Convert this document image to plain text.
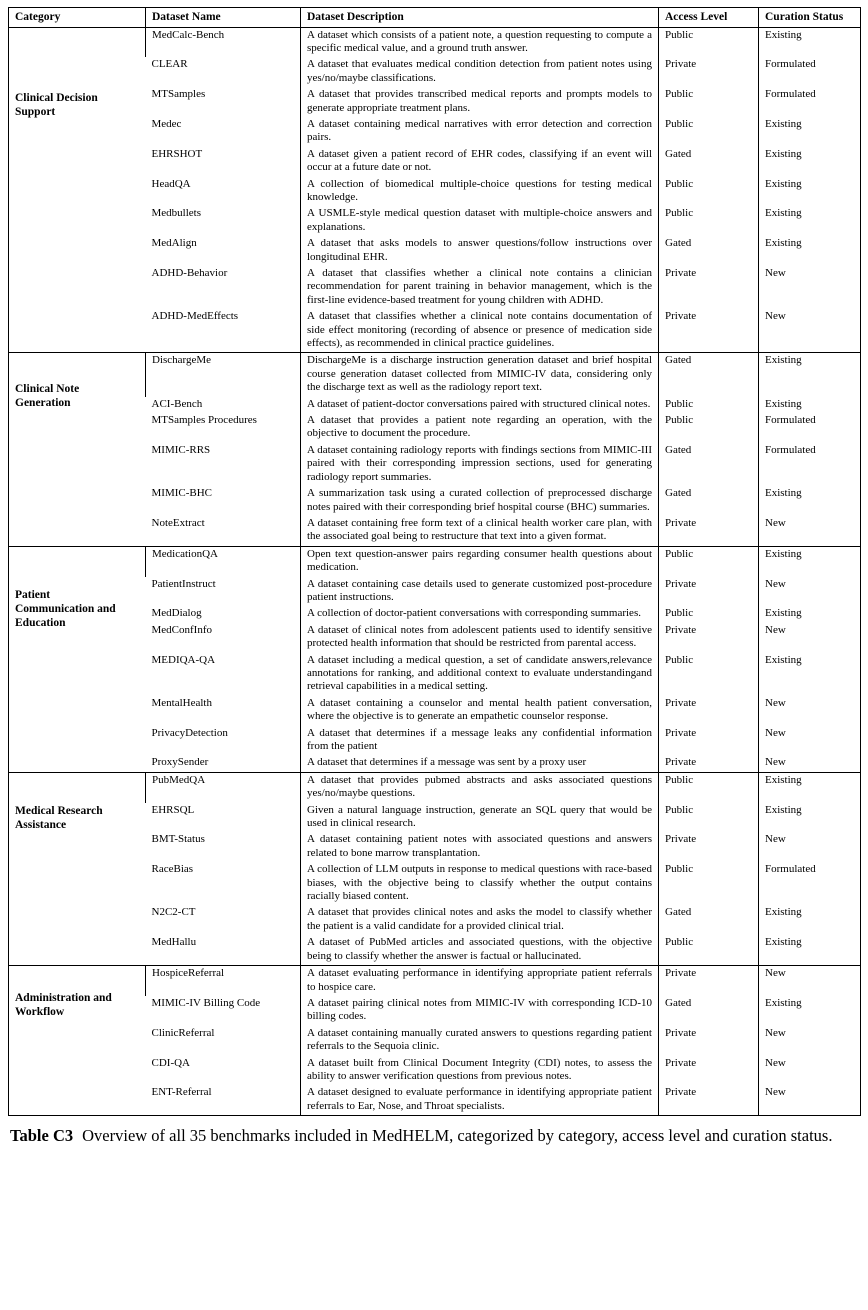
Category	Dataset Name	Dataset Description	Access Level	Curation Status

Clinical Decision Support	MedCalc-Bench	A dataset which consists of a patient note, a question requesting to compute a specific medical value, and a ground truth answer.	Public	Existing
	CLEAR	A dataset that evaluates medical condition detection from patient notes using yes/no/maybe classifications.	Private	Formulated
	MTSamples	A dataset that provides transcribed medical reports and prompts models to generate appropriate treatment plans.	Public	Formulated
	Medec	A dataset containing medical narratives with error detection and correction pairs.	Public	Existing
	EHRSHOT	A dataset given a patient record of EHR codes, classifying if an event will occur at a future date or not.	Gated	Existing
	HeadQA	A collection of biomedical multiple-choice questions for testing medical knowledge.	Public	Existing
	Medbullets	A USMLE-style medical question dataset with multiple-choice answers and explanations.	Public	Existing
	MedAlign	A dataset that asks models to answer questions/follow instructions over longitudinal EHR.	Gated	Existing
	ADHD-Behavior	A dataset that classifies whether a clinical note contains a clinician recommendation for parent training in behavior management, which is the first-line evidence-based treatment for young children with ADHD.	Private	New
	ADHD-MedEffects	A dataset that classifies whether a clinical note contains documentation of side effect monitoring (recording of absence or presence of medication side effects), as recommended in clinical practice guidelines.	Private	New

Clinical Note Generation	DischargeMe	DischargeMe is a discharge instruction generation dataset and brief hospital course generation dataset collected from MIMIC-IV data, considering only the discharge text as well as the radiology report text.	Gated	Existing
	ACI-Bench	A dataset of patient-doctor conversations paired with structured clinical notes.	Public	Existing
	MTSamples Procedures	A dataset that provides a patient note regarding an operation, with the objective to document the procedure.	Public	Formulated
	MIMIC-RRS	A dataset containing radiology reports with findings sections from MIMIC-III paired with their corresponding impression sections, used for generating radiology report summaries.	Gated	Formulated
	MIMIC-BHC	A summarization task using a curated collection of preprocessed discharge notes paired with their corresponding brief hospital course (BHC) summaries.	Gated	Existing
	NoteExtract	A dataset containing free form text of a clinical health worker care plan, with the associated goal being to restructure that text into a given format.	Private	New

Patient Communication and Education	MedicationQA	Open text question-answer pairs regarding consumer health questions about medication.	Public	Existing
	PatientInstruct	A dataset containing case details used to generate customized post-procedure patient instructions.	Private	New
	MedDialog	A collection of doctor-patient conversations with corresponding summaries.	Public	Existing
	MedConfInfo	A dataset of clinical notes from adolescent patients used to identify sensitive protected health information that should be restricted from parental access.	Private	New
	MEDIQA-QA	A dataset including a medical question, a set of candidate answers,relevance annotations for ranking, and additional context to evaluate understandingand retrieval capabilities in a medical setting.	Public	Existing
	MentalHealth	A dataset containing a counselor and mental health patient conversation, where the objective is to generate an empathetic counselor response.	Private	New
	PrivacyDetection	A dataset that determines if a message leaks any confidential information from the patient	Private	New
	ProxySender	A dataset that determines if a message was sent by a proxy user	Private	New

Medical Research Assistance	PubMedQA	A dataset that provides pubmed abstracts and asks associated questions yes/no/maybe questions.	Public	Existing
	EHRSQL	Given a natural language instruction, generate an SQL query that would be used in clinical research.	Public	Existing
	BMT-Status	A dataset containing patient notes with associated questions and answers related to bone marrow transplantation.	Private	New
	RaceBias	A collection of LLM outputs in response to medical questions with race-based biases, with the objective being to classify whether the output contains racially biased content.	Public	Formulated
	N2C2-CT	A dataset that provides clinical notes and asks the model to classify whether the patient is a valid candidate for a provided clinical trial.	Gated	Existing
	MedHallu	A dataset of PubMed articles and associated questions, with the objective being to classify whether the answer is factual or hallucinated.	Public	Existing

Administration and Workflow	HospiceReferral	A dataset evaluating performance in identifying appropriate patient referrals to hospice care.	Private	New
	MIMIC-IV Billing Code	A dataset pairing clinical notes from MIMIC-IV with corresponding ICD-10 billing codes.	Gated	Existing
	ClinicReferral	A dataset containing manually curated answers to questions regarding patient referrals to the Sequoia clinic.	Private	New
	CDI-QA	A dataset built from Clinical Document Integrity (CDI) notes, to assess the ability to answer verification questions from previous notes.	Private	New
	ENT-Referral	A dataset designed to evaluate performance in identifying appropriate patient referrals to Ear, Nose, and Throat specialists.	Private	New

Table C3 Overview of all 35 benchmarks included in MedHELM, categorized by category, access level and curation status.
